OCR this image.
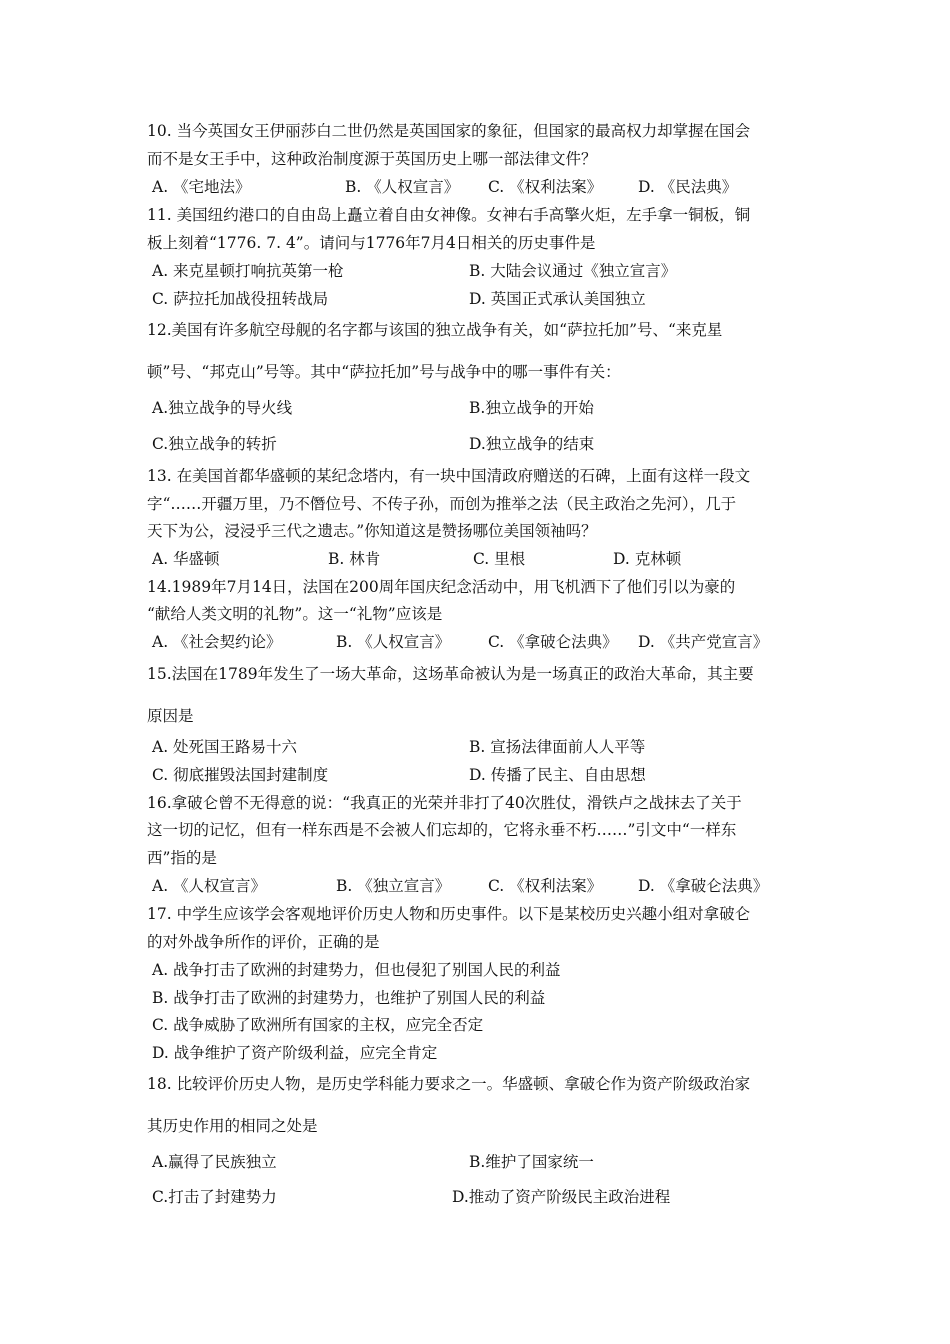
10. 当今英国女王伊丽莎白二世仍然是英国国家的象征，但国家的最高权力却掌握在国会
而不是女王手中，这种政治制度源于英国历史上哪一部法律文件？
A. 《宅地法》	B. 《人权宣言》 C. 《权利法案》 D. 《民法典》
11. 美国纽约港口的自由岛上矗立着自由女神像。女神右手高擎火炬，左手拿一铜板，铜
板上刻着“1776. 7. 4”。请问与1776年7月4日相关的历史事件是
A. 来克星顿打响抗英第一枪	B. 大陆会议通过《独立宣言》
C. 萨拉托加战役扭转战局	D. 英国正式承认美国独立
12.美国有许多航空母舰的名字都与该国的独立战争有关，如“萨拉托加”号、“来克星
顿”号、“邦克山”号等。其中“萨拉托加”号与战争中的哪一事件有关：
A.独立战争的导火线	B.独立战争的开始
C.独立战争的转折	D.独立战争的结束
13. 在美国首都华盛顿的某纪念塔内，有一块中国清政府赠送的石碑，上面有这样一段文
字“……开疆万里，乃不僭位号、不传子孙，而创为推举之法（民主政治之先河），几于
天下为公，浸浸乎三代之遗志。”你知道这是赞扬哪位美国领袖吗？
A. 华盛顿	B. 林肯	C. 里根	D. 克林顿
14.1989年7月14日，法国在200周年国庆纪念活动中，用飞机洒下了他们引以为豪的
“献给人类文明的礼物”。这一“礼物”应该是
A. 《社会契约论》	B. 《人权宣言》 C. 《拿破仑法典》 D. 《共产党宣言》
15.法国在1789年发生了一场大革命，这场革命被认为是一场真正的政治大革命，其主要
原因是
A. 处死国王路易十六	B. 宣扬法律面前人人平等
C. 彻底摧毁法国封建制度	D. 传播了民主、自由思想
16.拿破仑曾不无得意的说：“我真正的光荣并非打了40次胜仗，滑铁卢之战抹去了关于
这一切的记忆，但有一样东西是不会被人们忘却的，它将永垂不朽……”引文中“一样东
西”指的是
A. 《人权宣言》	B. 《独立宣言》 C. 《权利法案》 D. 《拿破仑法典》
17. 中学生应该学会客观地评价历史人物和历史事件。以下是某校历史兴趣小组对拿破仑
的对外战争所作的评价，正确的是
A. 战争打击了欧洲的封建势力，但也侵犯了别国人民的利益
B. 战争打击了欧洲的封建势力，也维护了别国人民的利益
C. 战争威胁了欧洲所有国家的主权，应完全否定
D. 战争维护了资产阶级利益，应完全肯定
18. 比较评价历史人物，是历史学科能力要求之一。华盛顿、拿破仑作为资产阶级政治家
其历史作用的相同之处是
A.赢得了民族独立	B.维护了国家统一
C.打击了封建势力	D.推动了资产阶级民主政治进程
